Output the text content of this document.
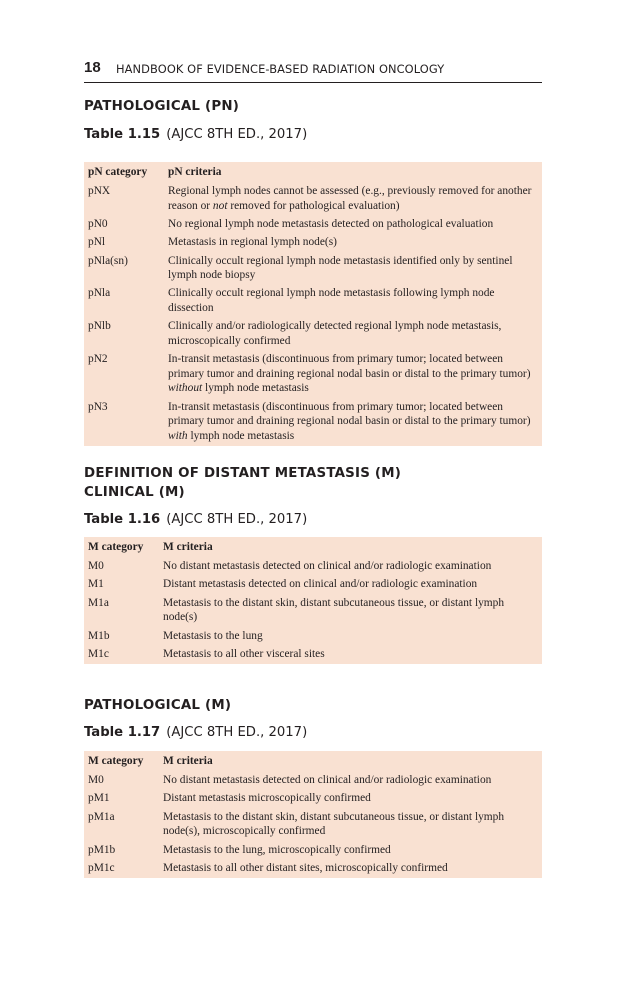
18 HANDBOOK OF EVIDENCE-BASED RADIATION ONCOLOGY
PATHOLOGICAL (PN)

Table 1.15 (AJCC 8TH ED., 2017)

pN category	pN criteria
pNX	Regional lymph nodes cannot be assessed (e.g., previously removed for another reason or not removed for pathological evaluation)
pN0	No regional lymph node metastasis detected on pathological evaluation
pNl	Metastasis in regional lymph node(s)
pNla(sn)	Clinically occult regional lymph node metastasis identified only by sentinel lymph node biopsy
pNla	Clinically occult regional lymph node metastasis following lymph node dissection
pNlb	Clinically and/or radiologically detected regional lymph node metastasis, microscopically confirmed
pN2	In-transit metastasis (discontinuous from primary tumor; located between primary tumor and draining regional nodal basin or distal to the primary tumor) without lymph node metastasis
pN3	In-transit metastasis (discontinuous from primary tumor; located between primary tumor and draining regional nodal basin or distal to the primary tumor) with lymph node metastasis
DEFINITION OF DISTANT METASTASIS (M)
CLINICAL (M)

Table 1.16 (AJCC 8TH ED., 2017)

M category	M criteria
M0	No distant metastasis detected on clinical and/or radiologic examination
M1	Distant metastasis detected on clinical and/or radiologic examination
M1a	Metastasis to the distant skin, distant subcutaneous tissue, or distant lymph node(s)
M1b	Metastasis to the lung
M1c	Metastasis to all other visceral sites
PATHOLOGICAL (M)

Table 1.17 (AJCC 8TH ED., 2017)

M category	M criteria
M0	No distant metastasis detected on clinical and/or radiologic examination
pM1	Distant metastasis microscopically confirmed
pM1a	Metastasis to the distant skin, distant subcutaneous tissue, or distant lymph node(s), microscopically confirmed
pM1b	Metastasis to the lung, microscopically confirmed
pM1c	Metastasis to all other distant sites, microscopically confirmed
